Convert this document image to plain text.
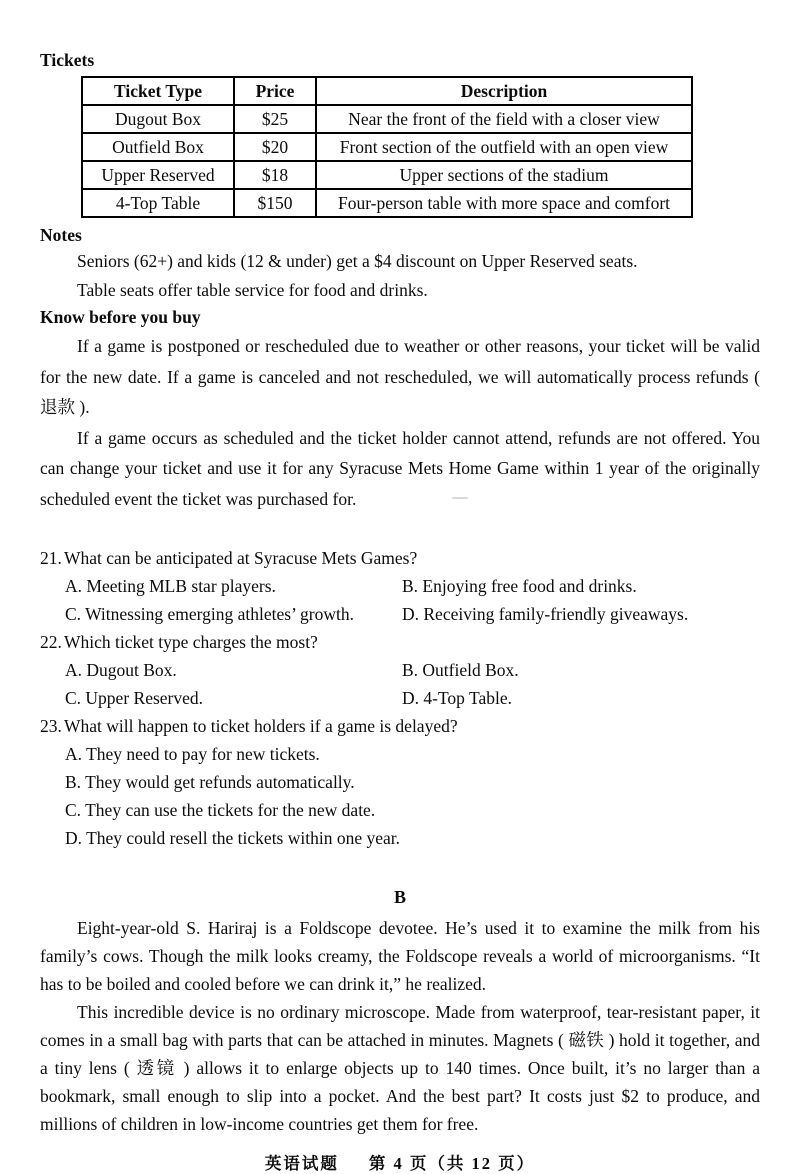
Tickets
Ticket Type	Price	Description
Dugout Box	$25	Near the front of the field with a closer view
Outfield Box	$20	Front section of the outfield with an open view
Upper Reserved	$18	Upper sections of the stadium
4-Top Table	$150	Four-person table with more space and comfort
Notes
Seniors (62+) and kids (12 & under) get a $4 discount on Upper Reserved seats.
Table seats offer table service for food and drinks.
Know before you buy

If a game is postponed or rescheduled due to weather or other reasons, your ticket will be valid for the new date. If a game is canceled and not rescheduled, we will automatically process refunds ( 退款 ).

If a game occurs as scheduled and the ticket holder cannot attend, refunds are not offered. You can change your ticket and use it for any Syracuse Mets Home Game within 1 year of the originally scheduled event the ticket was purchased for.

21. What can be anticipated at Syracuse Mets Games?
A. Meeting MLB star players.	B. Enjoying free food and drinks.
C. Witnessing emerging athletes’ growth.	D. Receiving family-friendly giveaways.
22. Which ticket type charges the most?
A. Dugout Box.	B. Outfield Box.
C. Upper Reserved.	D. 4-Top Table.
23. What will happen to ticket holders if a game is delayed?
A. They need to pay for new tickets.
B. They would get refunds automatically.
C. They can use the tickets for the new date.
D. They could resell the tickets within one year.
B

Eight-year-old S. Hariraj is a Foldscope devotee. He’s used it to examine the milk from his family’s cows. Though the milk looks creamy, the Foldscope reveals a world of microorganisms. “It has to be boiled and cooled before we can drink it,” he realized.

This incredible device is no ordinary microscope. Made from waterproof, tear-resistant paper, it comes in a small bag with parts that can be attached in minutes. Magnets ( 磁铁 ) hold it together, and a tiny lens ( 透镜 ) allows it to enlarge objects up to 140 times. Once built, it’s no larger than a bookmark, small enough to slip into a pocket. And the best part? It costs just $2 to produce, and millions of children in low-income countries get them for free.

英语试题 第 4 页（共 12 页）
